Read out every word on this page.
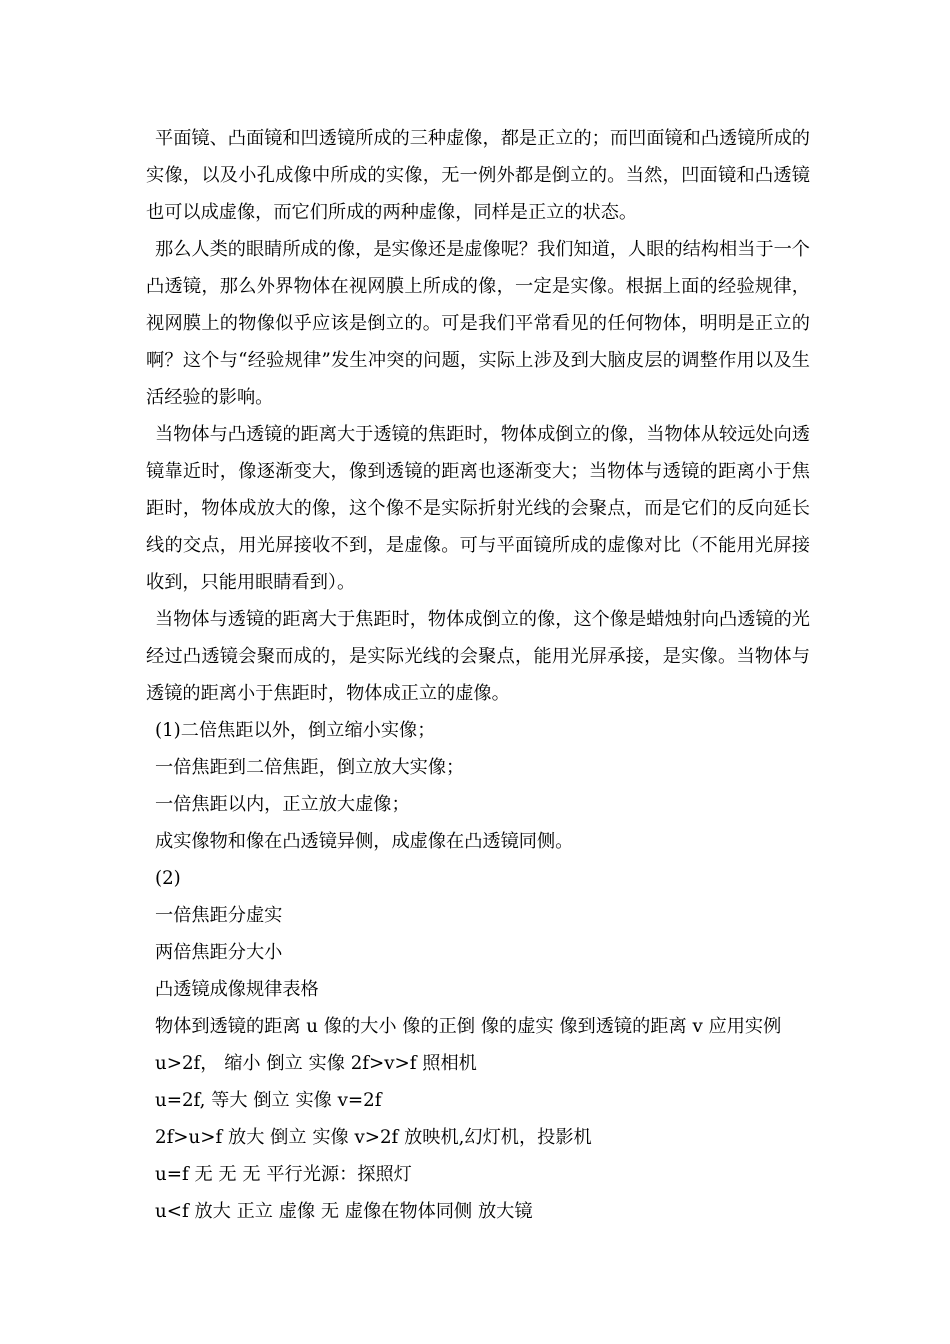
平面镜、凸面镜和凹透镜所成的三种虚像，都是正立的；而凹面镜和凸透镜所成的实像，以及小孔成像中所成的实像，无一例外都是倒立的。当然，凹面镜和凸透镜也可以成虚像，而它们所成的两种虚像，同样是正立的状态。

那么人类的眼睛所成的像，是实像还是虚像呢？我们知道，人眼的结构相当于一个凸透镜，那么外界物体在视网膜上所成的像，一定是实像。根据上面的经验规律，视网膜上的物像似乎应该是倒立的。可是我们平常看见的任何物体，明明是正立的啊？这个与“经验规律”发生冲突的问题，实际上涉及到大脑皮层的调整作用以及生活经验的影响。

当物体与凸透镜的距离大于透镜的焦距时，物体成倒立的像，当物体从较远处向透镜靠近时，像逐渐变大，像到透镜的距离也逐渐变大；当物体与透镜的距离小于焦距时，物体成放大的像，这个像不是实际折射光线的会聚点，而是它们的反向延长线的交点，用光屏接收不到，是虚像。可与平面镜所成的虚像对比（不能用光屏接收到，只能用眼睛看到）。

当物体与透镜的距离大于焦距时，物体成倒立的像，这个像是蜡烛射向凸透镜的光经过凸透镜会聚而成的，是实际光线的会聚点，能用光屏承接，是实像。当物体与透镜的距离小于焦距时，物体成正立的虚像。

(1)二倍焦距以外，倒立缩小实像；

一倍焦距到二倍焦距，倒立放大实像；

一倍焦距以内，正立放大虚像；

成实像物和像在凸透镜异侧，成虚像在凸透镜同侧。

(2)

一倍焦距分虚实

两倍焦距分大小

凸透镜成像规律表格

物体到透镜的距离 u 像的大小 像的正倒 像的虚实 像到透镜的距离 v 应用实例

u>2f， 缩小 倒立 实像 2f>v>f 照相机

u=2f, 等大 倒立 实像 v=2f

2f>u>f 放大 倒立 实像 v>2f 放映机,幻灯机，投影机

u=f 无 无 无 平行光源：探照灯

u<f 放大 正立 虚像 无 虚像在物体同侧 放大镜
